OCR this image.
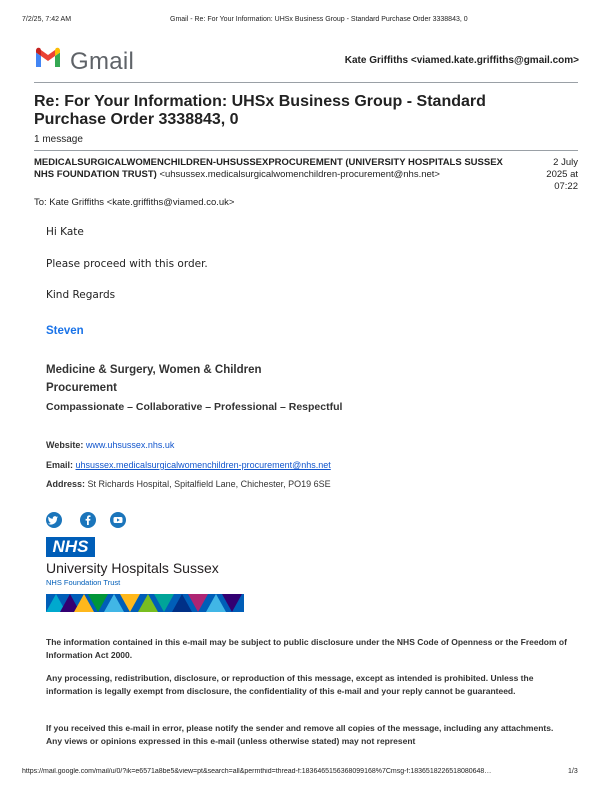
7/2/25, 7:42 AM	Gmail - Re: For Your Information: UHSx Business Group - Standard Purchase Order 3338843, 0
Gmail	Kate Griffiths <viamed.kate.griffiths@gmail.com>
Re: For Your Information: UHSx Business Group - Standard Purchase Order 3338843, 0
1 message
MEDICALSURGICALWOMENCHILDREN-UHSUSSEXPROCUREMENT (UNIVERSITY HOSPITALS SUSSEX NHS FOUNDATION TRUST) <uhsussex.medicalsurgicalwomenchildren-procurement@nhs.net>
2 July
2025 at
07:22
To: Kate Griffiths <kate.griffiths@viamed.co.uk>
Hi Kate
Please proceed with this order.
Kind Regards
Steven
Medicine & Surgery, Women & Children
Procurement
Compassionate – Collaborative – Professional – Respectful
Website: www.uhsussex.nhs.uk
Email: uhsussex.medicalsurgicalwomenchildren-procurement@nhs.net
Address: St Richards Hospital, Spitalfield Lane, Chichester, PO19 6SE
NHS
University Hospitals Sussex
NHS Foundation Trust
The information contained in this e-mail may be subject to public disclosure under the NHS Code of Openness or the Freedom of Information Act 2000.
Any processing, redistribution, disclosure, or reproduction of this message, except as intended is prohibited. Unless the information is legally exempt from disclosure, the confidentiality of this e-mail and your reply cannot be guaranteed.
If you received this e-mail in error, please notify the sender and remove all copies of the message, including any attachments. Any views or opinions expressed in this e-mail (unless otherwise stated) may not represent
https://mail.google.com/mail/u/0/?ik=e6571a8be5&view=pt&search=all&permthid=thread-f:1836465156368099168%7Cmsg-f:1836518226518080648…	1/3
